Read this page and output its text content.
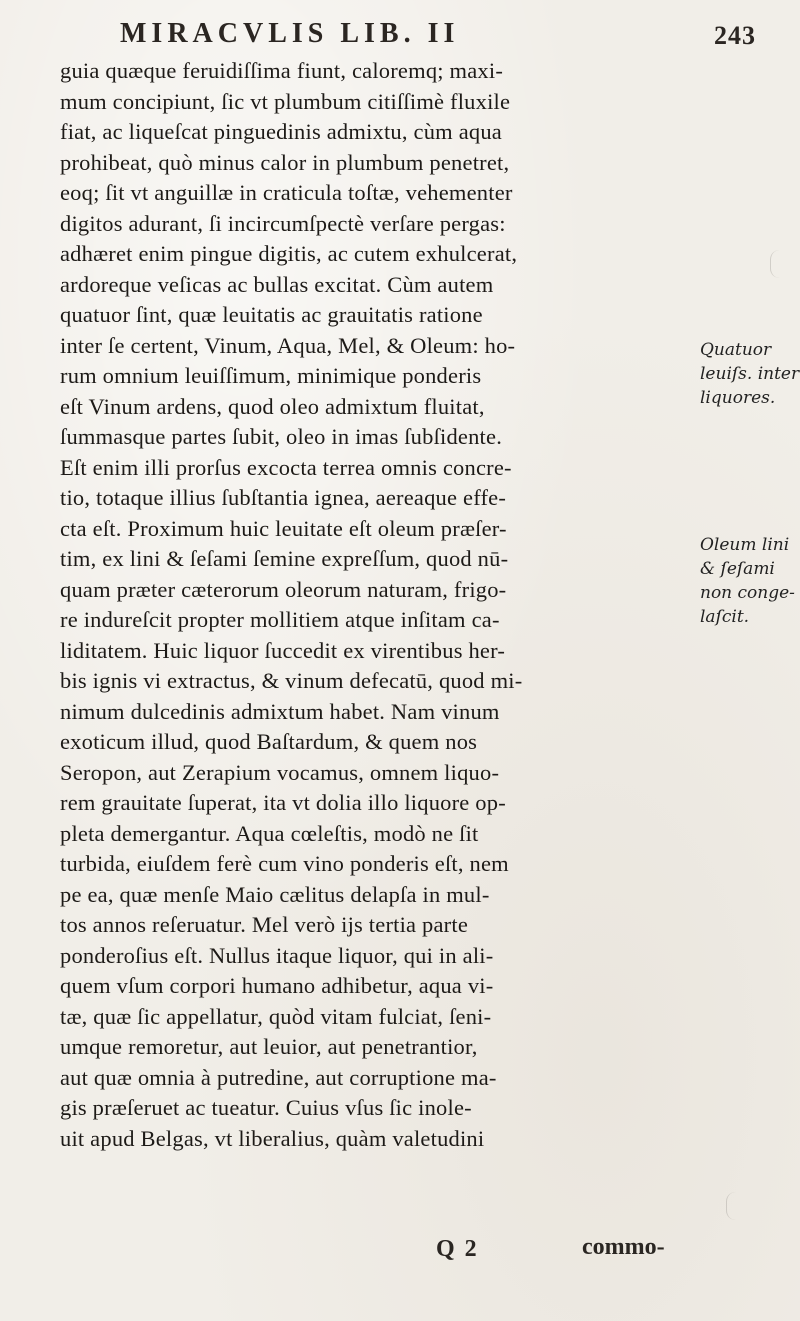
MIRACVLIS LIB. II	243
guia quæque feruidiſſima fiunt, caloremq; maxi-
mum concipiunt, ſic vt plumbum citiſſimè fluxile
fiat, ac liqueſcat pinguedinis admixtu, cùm aqua
prohibeat, quò minus calor in plumbum penetret,
eoq; ſit vt anguillæ in craticula toſtæ, vehementer
digitos adurant, ſi incircumſpectè verſare pergas:
adhæret enim pingue digitis, ac cutem exhulcerat,
ardoreque veſicas ac bullas excitat. Cùm autem
quatuor ſint, quæ leuitatis ac grauitatis ratione
inter ſe certent, Vinum, Aqua, Mel, & Oleum: ho-
rum omnium leuiſſimum, minimique ponderis
eſt Vinum ardens, quod oleo admixtum fluitat,
ſummasque partes ſubit, oleo in imas ſubſidente.
Eſt enim illi prorſus excocta terrea omnis concre-
tio, totaque illius ſubſtantia ignea, aereaque effe-
cta eſt. Proximum huic leuitate eſt oleum præſer-
tim, ex lini & ſeſami ſemine expreſſum, quod nū-
quam præter cæterorum oleorum naturam, frigo-
re indureſcit propter mollitiem atque inſitam ca-
liditatem. Huic liquor ſuccedit ex virentibus her-
bis ignis vi extractus, & vinum defecatū, quod mi-
nimum dulcedinis admixtum habet. Nam vinum
exoticum illud, quod Baſtardum, & quem nos
Seropon, aut Zerapium vocamus, omnem liquo-
rem grauitate ſuperat, ita vt dolia illo liquore op-
pleta demergantur. Aqua cœleſtis, modò ne ſit
turbida, eiuſdem ferè cum vino ponderis eſt, nem
pe ea, quæ menſe Maio cælitus delapſa in mul-
tos annos reſeruatur. Mel verò ijs tertia parte
ponderoſius eſt. Nullus itaque liquor, qui in ali-
quem vſum corpori humano adhibetur, aqua vi-
tæ, quæ ſic appellatur, quòd vitam fulciat, ſeni-
umque remoretur, aut leuior, aut penetrantior,
aut quæ omnia à putredine, aut corruptione ma-
gis præſeruet ac tueatur. Cuius vſus ſic inole-
uit apud Belgas, vt liberalius, quàm valetudini
Quatuor
leuiſs. inter
liquores.
Oleum lini
& ſeſami
non conge-
laſcit.
Q 2	commo-
